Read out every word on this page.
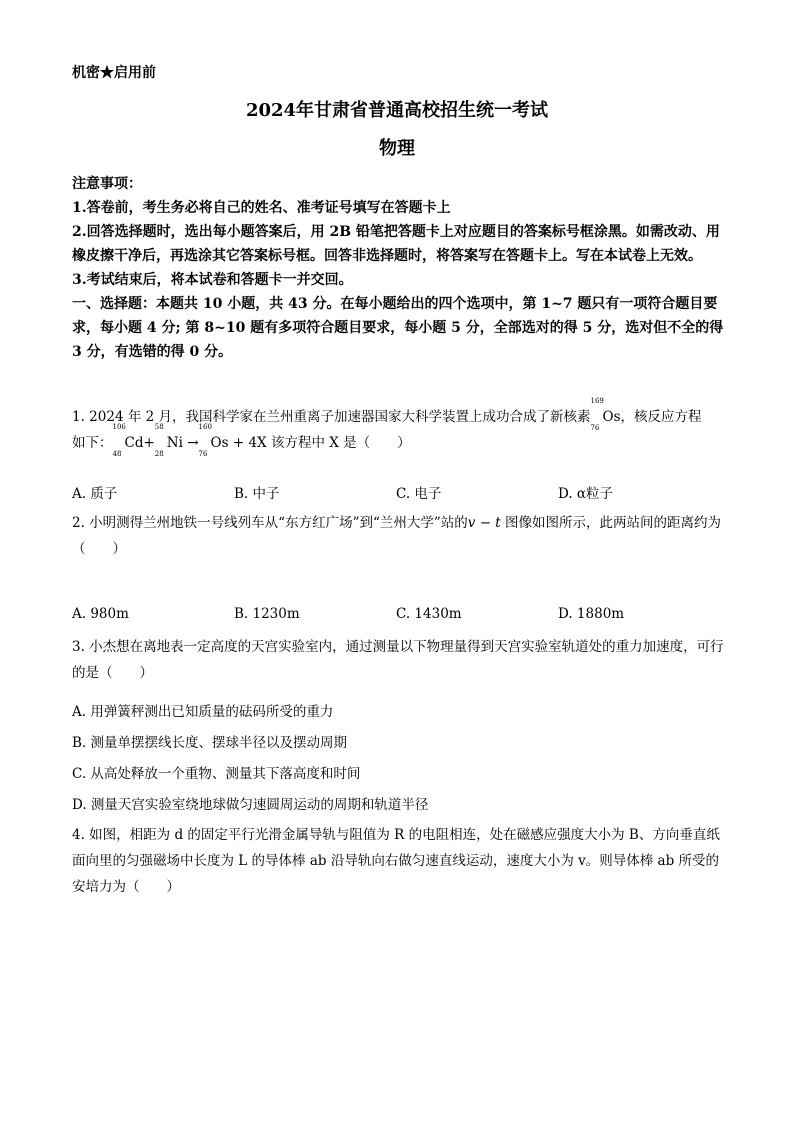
机密★启用前
2024年甘肃省普通高校招生统一考试
物理
注意事项：
1.答卷前，考生务必将自己的姓名、准考证号填写在答题卡上
2.回答选择题时，选出每小题答案后，用 2B 铅笔把答题卡上对应题目的答案标号框涂黑。如需改动、用橡皮擦干净后，再选涂其它答案标号框。回答非选择题时，将答案写在答题卡上。写在本试卷上无效。
3.考试结束后，将本试卷和答题卡一并交回。
一、选择题：本题共 10 小题，共 43 分。在每小题给出的四个选项中，第 1~7 题只有一项符合题目要求，每小题 4 分; 第 8~10 题有多项符合题目要求，每小题 5 分，全部选对的得 5 分，选对但不全的得 3 分，有选错的得 0 分。

1. 2024 年 2 月，我国科学家在兰州重离子加速器国家大科学装置上成功合成了新核素
169
76
Os，核反应方程

如下：
106
48
Cd+
58
28
Ni →
160
76
Os + 4X 该方程中 X 是（　　）

A. 质子	B. 中子	C. 电子	D. α粒子

2. 小明测得兰州地铁一号线列车从“东方红广场”到“兰州大学”站的v − t 图像如图所示，此两站间的距离约为（　　）

A. 980m	B. 1230m	C. 1430m	D. 1880m

3. 小杰想在离地表一定高度的天宫实验室内，通过测量以下物理量得到天宫实验室轨道处的重力加速度，可行的是（　　）

A. 用弹簧秤测出已知质量的砝码所受的重力

B. 测量单摆摆线长度、摆球半径以及摆动周期

C. 从高处释放一个重物、测量其下落高度和时间

D. 测量天宫实验室绕地球做匀速圆周运动的周期和轨道半径

4. 如图，相距为 d 的固定平行光滑金属导轨与阻值为 R 的电阻相连，处在磁感应强度大小为 B、方向垂直纸面向里的匀强磁场中长度为 L 的导体棒 ab 沿导轨向右做匀速直线运动，速度大小为 v。则导体棒 ab 所受的安培力为（　　）
